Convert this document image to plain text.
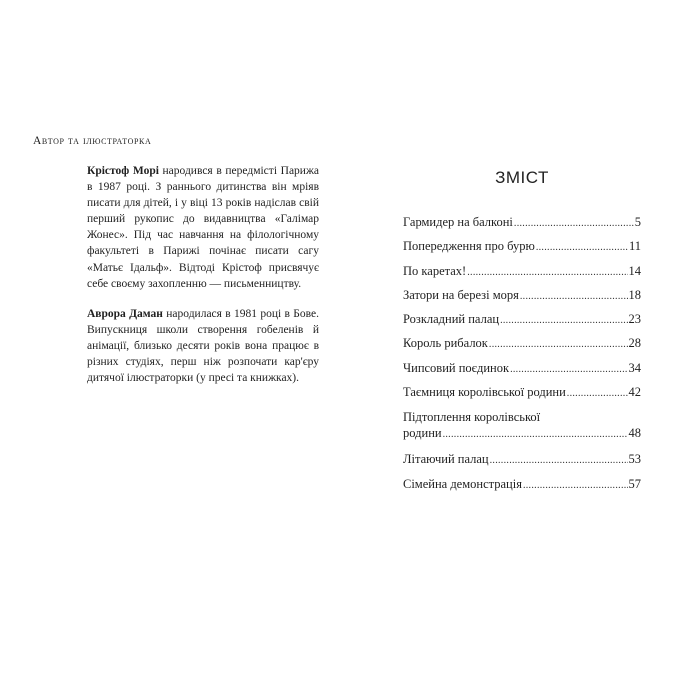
Автор та ілюстраторка

Крістоф Морі народився в передмісті Парижа в 1987 році. З раннього дитинства він мріяв писати для дітей, і у віці 13 років надіслав свій перший рукопис до видавництва «Галімар Жонес». Під час навчання на філологічному факультеті в Парижі почінає писати сагу «Матьє Ідальф». Відтоді Крістоф присвячує себе своєму захопленню — письменництву.

Аврора Даман народилася в 1981 році в Бове. Випускниця школи створення гобеленів й анімації, близько десяти років вона працює в різних студіях, перш ніж розпочати кар'єру дитячої ілюстраторки (у пресі та книжках).

ЗМІСТ
Гармидер на балконі .....	5
Попередження про бурю .....	11
По каретах! .....	14
Затори на березі моря .....	18
Розкладний палац .....	23
Король рибалок .....	28
Чипсовий поєдинок .....	34
Таємниця королівської родини .....	42
Підтоплення королівської
родини .....	48
Літаючий палац .....	53
Сімейна демонстрація .....	57
